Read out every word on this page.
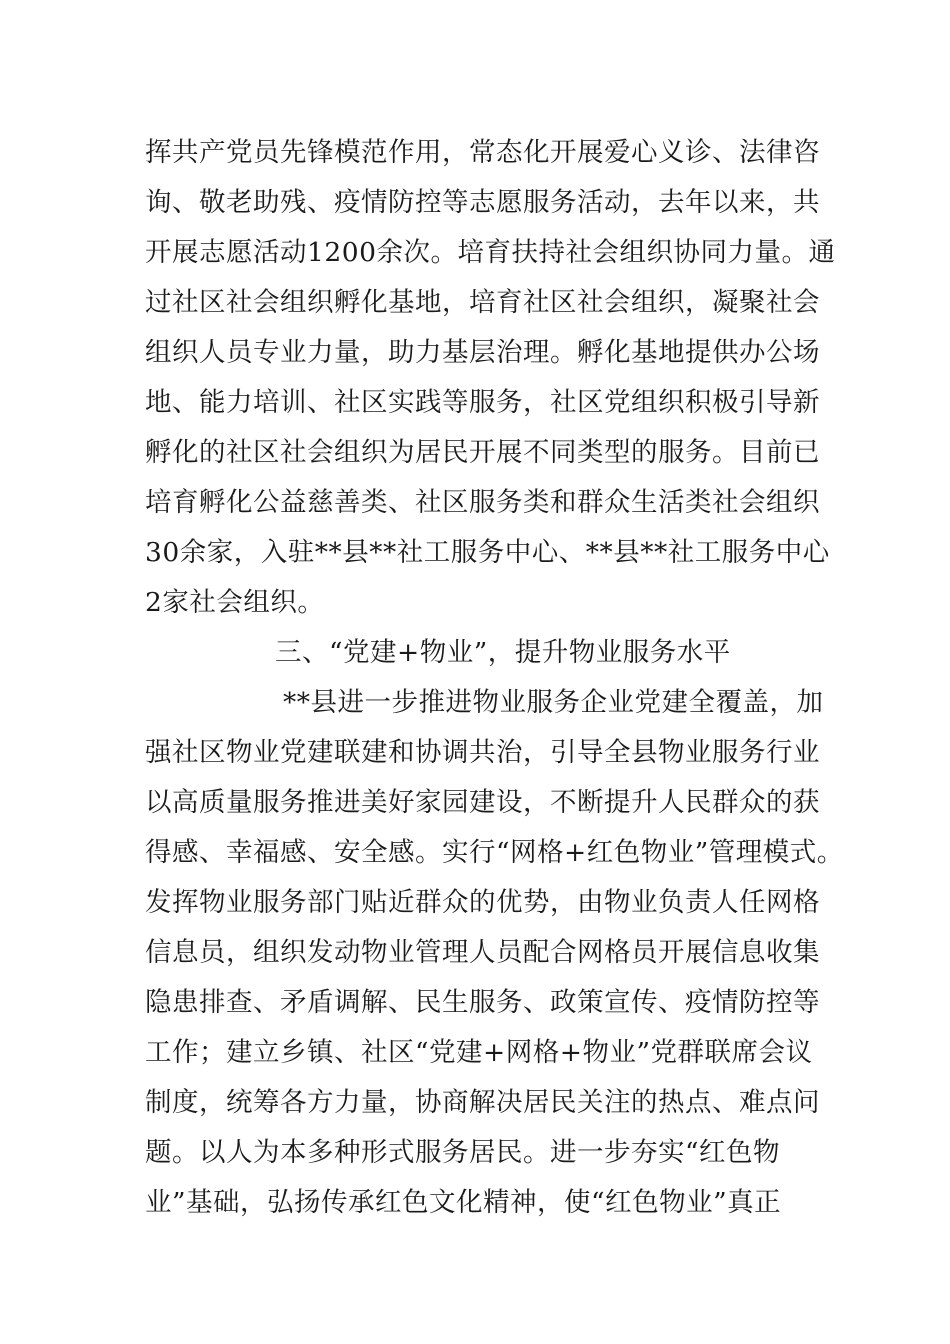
挥共产党员先锋模范作用，常态化开展爱心义诊、法律咨
询、敬老助残、疫情防控等志愿服务活动，去年以来，共
开展志愿活动1200余次。培育扶持社会组织协同力量。通
过社区社会组织孵化基地，培育社区社会组织，凝聚社会
组织人员专业力量，助力基层治理。孵化基地提供办公场
地、能力培训、社区实践等服务，社区党组织积极引导新
孵化的社区社会组织为居民开展不同类型的服务。目前已
培育孵化公益慈善类、社区服务类和群众生活类社会组织
30余家，入驻**县**社工服务中心、**县**社工服务中心
2家社会组织。
三、“党建+物业”，提升物业服务水平
**县进一步推进物业服务企业党建全覆盖，加
强社区物业党建联建和协调共治，引导全县物业服务行业
以高质量服务推进美好家园建设，不断提升人民群众的获
得感、幸福感、安全感。实行“网格+红色物业”管理模式。
发挥物业服务部门贴近群众的优势，由物业负责人任网格
信息员，组织发动物业管理人员配合网格员开展信息收集
隐患排查、矛盾调解、民生服务、政策宣传、疫情防控等
工作；建立乡镇、社区“党建+网格+物业”党群联席会议
制度，统筹各方力量，协商解决居民关注的热点、难点问
题。以人为本多种形式服务居民。进一步夯实“红色物
业”基础，弘扬传承红色文化精神，使“红色物业”真正
